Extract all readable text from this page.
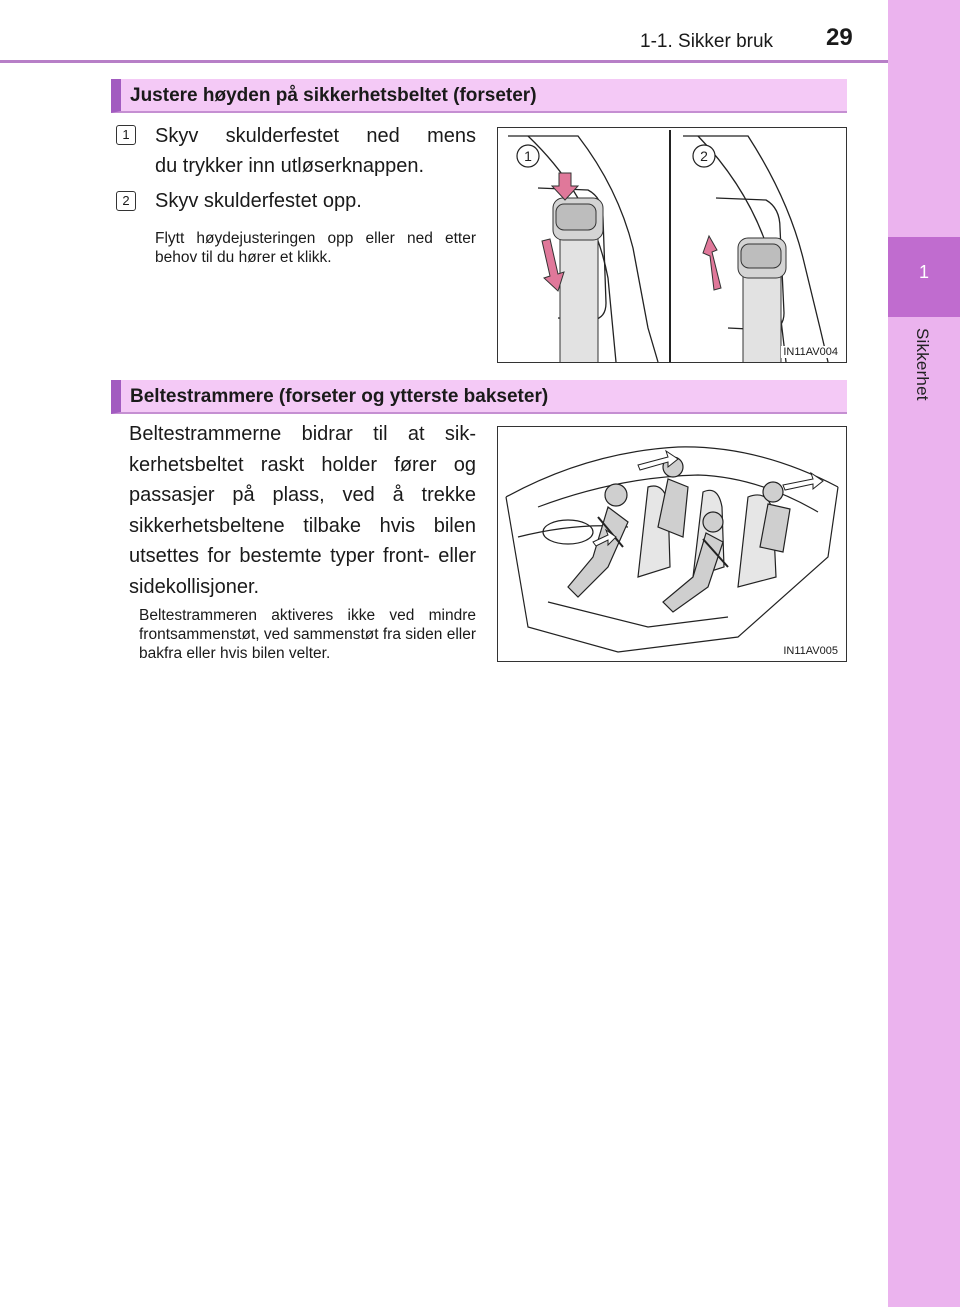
1
Sikkerhet
1-1. Sikker bruk 29
Justere høyden på sikkerhetsbeltet (forseter)
1	Skyv skulderfestet ned mens
du trykker inn utløserknappen.
2	Skyv skulderfestet opp.
Flytt høydejusteringen opp eller ned etter behov til du hører et klikk.
1	2
IN11AV004
Beltestrammere (forseter og ytterste bakseter)
Beltestrammerne bidrar til at sik-kerhetsbeltet raskt holder fører og passasjer på plass, ved å trekke sikkerhetsbeltene tilbake hvis bilen utsettes for bestemte typer front- eller sidekollisjoner.
Beltestrammeren aktiveres ikke ved mindre frontsammenstøt, ved sammenstøt fra siden eller bakfra eller hvis bilen velter.	IN11AV005
